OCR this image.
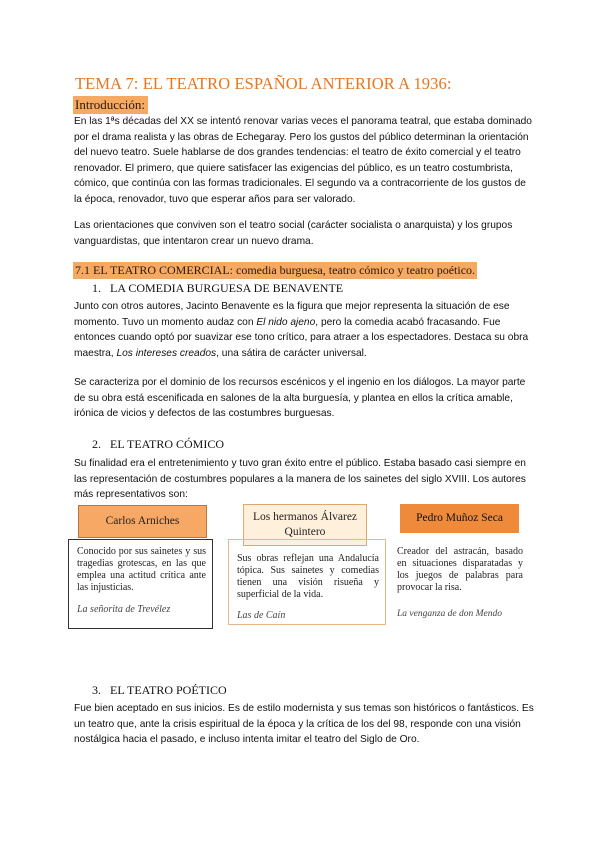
TEMA 7: EL TEATRO ESPAÑOL ANTERIOR A 1936:
Introducción:

En las 1ªs décadas del XX se intentó renovar varias veces el panorama teatral, que estaba dominado por el drama realista y las obras de Echegaray. Pero los gustos del público determinan la orientación del nuevo teatro. Suele hablarse de dos grandes tendencias: el teatro de éxito comercial y el teatro renovador. El primero, que quiere satisfacer las exigencias del público, es un teatro costumbrista, cómico, que continúa con las formas tradicionales. El segundo va a contracorriente de los gustos de la época, renovador, tuvo que esperar años para ser valorado.

Las orientaciones que conviven son el teatro social (carácter socialista o anarquista) y los grupos vanguardistas, que intentaron crear un nuevo drama.

7.1 EL TEATRO COMERCIAL: comedia burguesa, teatro cómico y teatro poético.
1. LA COMEDIA BURGUESA DE BENAVENTE

Junto con otros autores, Jacinto Benavente es la figura que mejor representa la situación de ese momento. Tuvo un momento audaz con El nido ajeno, pero la comedia acabó fracasando. Fue entonces cuando optó por suavizar ese tono crítico, para atraer a los espectadores. Destaca su obra maestra, Los intereses creados, una sátira de carácter universal.

Se caracteriza por el dominio de los recursos escénicos y el ingenio en los diálogos. La mayor parte de su obra está escenificada en salones de la alta burguesía, y plantea en ellos la crítica amable, irónica de vicios y defectos de las costumbres burguesas.

2. EL TEATRO CÓMICO

Su finalidad era el entretenimiento y tuvo gran éxito entre el público. Estaba basado casi siempre en las representación de costumbres populares a la manera de los sainetes del siglo XVIII. Los autores más representativos son:

Carlos Arniches	Los hermanos Álvarez Quintero
Pedro Muñoz Seca
Conocido por sus sainetes y sus tragedias grotescas, en las que emplea una actitud crítica ante las injusticias.
La señorita de Trevélez
Sus obras reflejan una Andalucía tópica. Sus sainetes y comedias tienen una visión risueña y superficial de la vida.
Las de Caín
Creador del astracán, basado en situaciones disparatadas y los juegos de palabras para provocar la risa.
La venganza de don Mendo
3. EL TEATRO POÉTICO

Fue bien aceptado en sus inicios. Es de estilo modernista y sus temas son históricos o fantásticos. Es un teatro que, ante la crisis espiritual de la época y la crítica de los del 98, responde con una visión nostálgica hacia el pasado, e incluso intenta imitar el teatro del Siglo de Oro.
